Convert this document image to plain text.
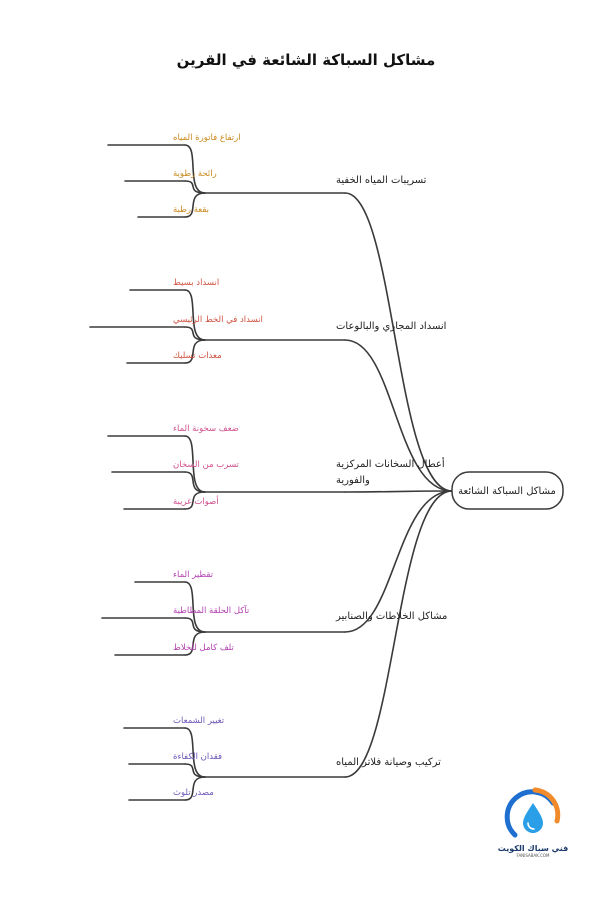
مشاكل السباكة الشائعة في القرين
تسريبات المياه الخفية
ارتفاع فاتورة المياه
رائحة رطوبة
بقعة رطبة
انسداد المجاري والبالوعات
انسداد بسيط
انسداد في الخط الرئيسي
معدات تسليك
أعطال السخانات المركزية
والفورية
ضعف سخونة الماء
تسرب من السخان
أصوات غريبة
مشاكل الخلاطات والصنابير
تقطير الماء
تآكل الحلقة المطاطية
تلف كامل للخلاط
تركيب وصيانة فلاتر المياه
تغيير الشمعات
فقدان الكفاءة
مصدر تلوث
مشاكل السباكة الشائعة
فني سباك الكويت
FANISABAK.COM
